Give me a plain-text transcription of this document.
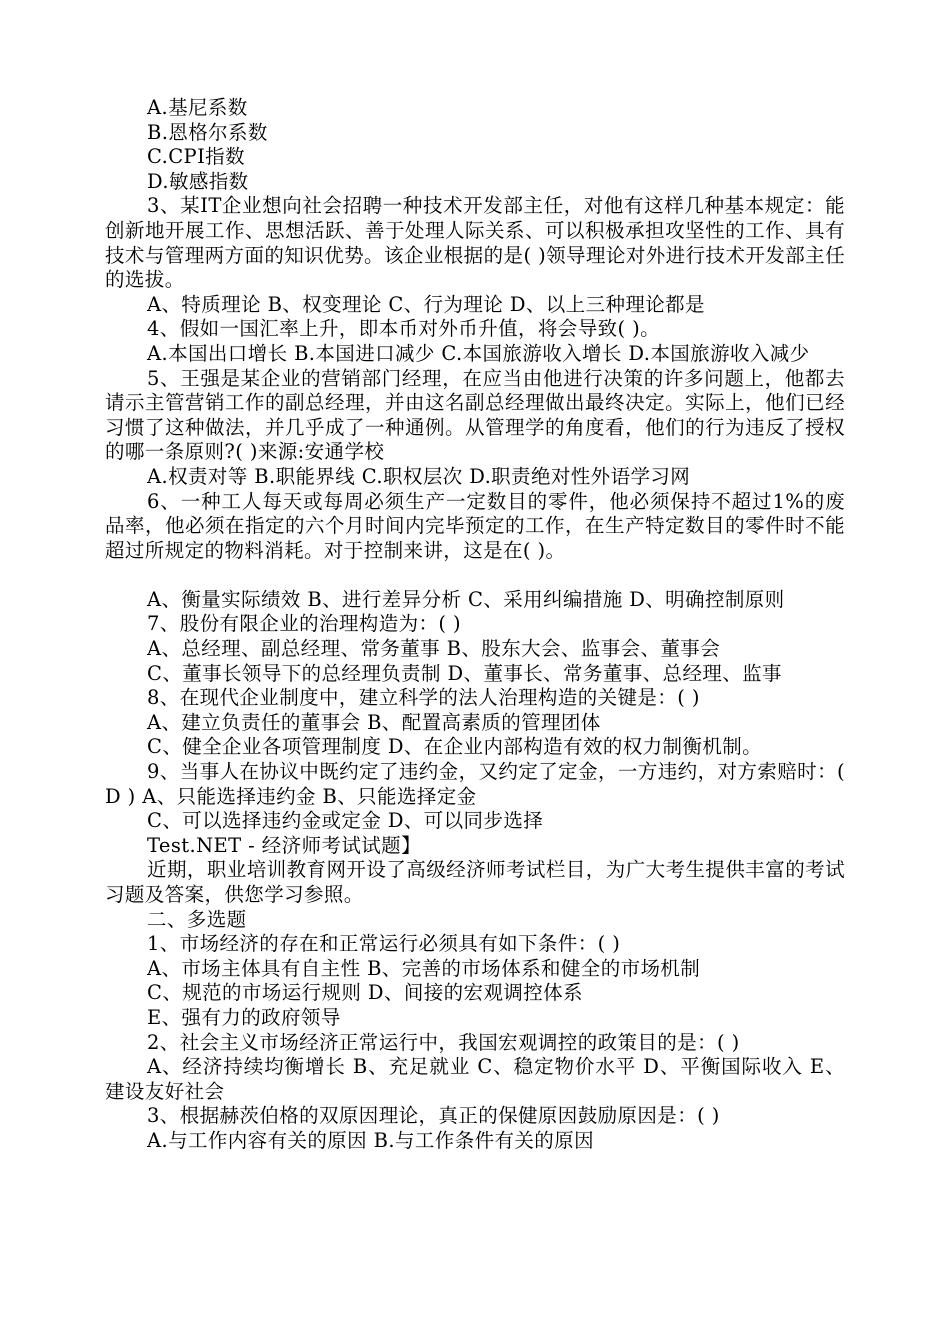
A.基尼系数

B.恩格尔系数

C.CPI指数

D.敏感指数

3、某IT企业想向社会招聘一种技术开发部主任，对他有这样几种基本规定：能创新地开展工作、思想活跃、善于处理人际关系、可以积极承担攻坚性的工作、具有技术与管理两方面的知识优势。该企业根据的是( )领导理论对外进行技术开发部主任的选拔。

A、特质理论 B、权变理论 C、行为理论 D、以上三种理论都是

4、假如一国汇率上升，即本币对外币升值，将会导致( )。

A.本国出口增长 B.本国进口减少 C.本国旅游收入增长 D.本国旅游收入减少

5、王强是某企业的营销部门经理，在应当由他进行决策的许多问题上，他都去请示主管营销工作的副总经理，并由这名副总经理做出最终决定。实际上，他们已经习惯了这种做法，并几乎成了一种通例。从管理学的角度看，他们的行为违反了授权的哪一条原则?( )来源:安通学校

A.权责对等 B.职能界线 C.职权层次 D.职责绝对性外语学习网

6、一种工人每天或每周必须生产一定数目的零件，他必须保持不超过1%的废品率，他必须在指定的六个月时间内完毕预定的工作，在生产特定数目的零件时不能超过所规定的物料消耗。对于控制来讲，这是在( )。

A、衡量实际绩效 B、进行差异分析 C、采用纠编措施 D、明确控制原则

7、股份有限企业的治理构造为：( )

A、总经理、副总经理、常务董事 B、股东大会、监事会、董事会

C、董事长领导下的总经理负责制 D、董事长、常务董事、总经理、监事

8、在现代企业制度中，建立科学的法人治理构造的关键是：( )

A、建立负责任的董事会 B、配置高素质的管理团体

C、健全企业各项管理制度 D、在企业内部构造有效的权力制衡机制。

9、当事人在协议中既约定了违约金，又约定了定金，一方违约，对方索赔时：( D ) A、只能选择违约金 B、只能选择定金

C、可以选择违约金或定金 D、可以同步选择

Test.NET - 经济师考试试题】

近期，职业培训教育网开设了高级经济师考试栏目，为广大考生提供丰富的考试习题及答案，供您学习参照。

二、多选题

1、市场经济的存在和正常运行必须具有如下条件：( )

A、市场主体具有自主性 B、完善的市场体系和健全的市场机制

C、规范的市场运行规则 D、间接的宏观调控体系

E、强有力的政府领导

2、社会主义市场经济正常运行中，我国宏观调控的政策目的是：( )

A、经济持续均衡增长 B、充足就业 C、稳定物价水平 D、平衡国际收入 E、建设友好社会

3、根据赫茨伯格的双原因理论，真正的保健原因鼓励原因是：( )

A.与工作内容有关的原因 B.与工作条件有关的原因
